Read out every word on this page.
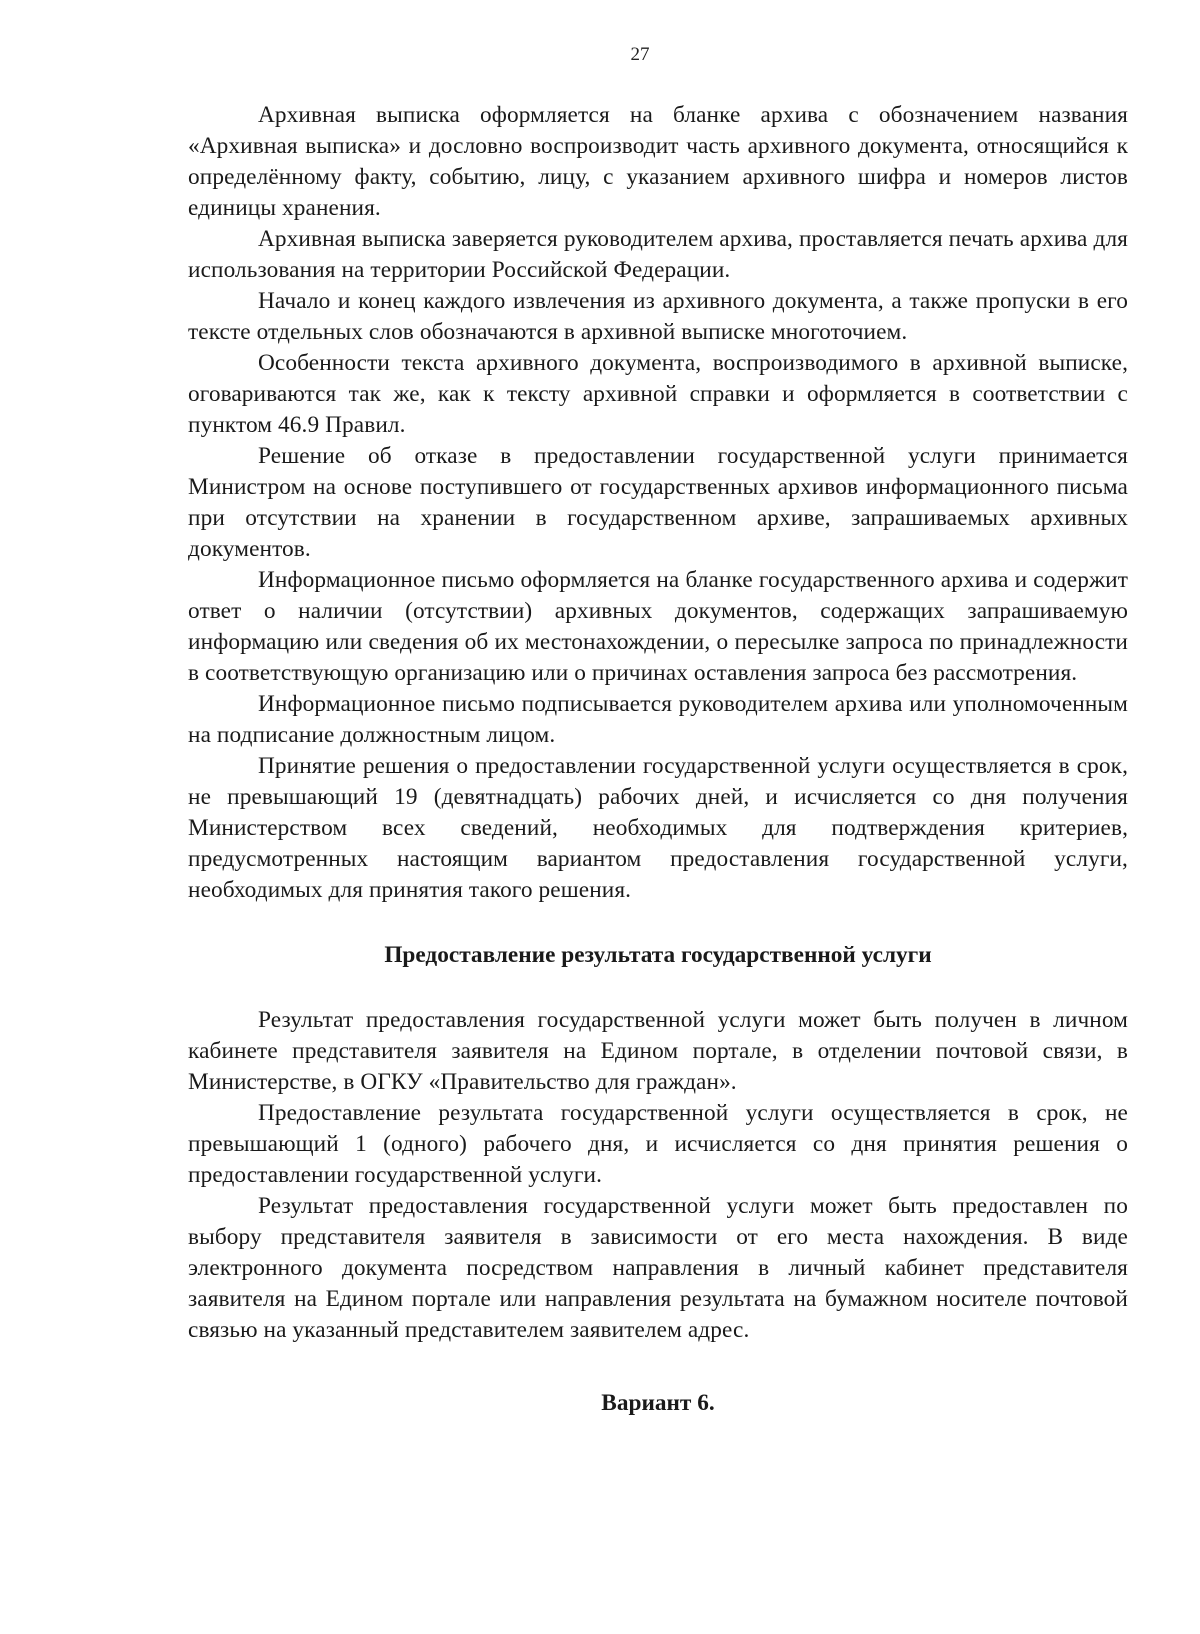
27

Архивная выписка оформляется на бланке архива с обозначением названия «Архивная выписка» и дословно воспроизводит часть архивного документа, относящийся к определённому факту, событию, лицу, с указанием архивного шифра и номеров листов единицы хранения.

Архивная выписка заверяется руководителем архива, проставляется печать архива для использования на территории Российской Федерации.

Начало и конец каждого извлечения из архивного документа, а также пропуски в его тексте отдельных слов обозначаются в архивной выписке многоточием.

Особенности текста архивного документа, воспроизводимого в архивной выписке, оговариваются так же, как к тексту архивной справки и оформляется в соответствии с пунктом 46.9 Правил.

Решение об отказе в предоставлении государственной услуги принимается Министром на основе поступившего от государственных архивов информационного письма при отсутствии на хранении в государственном архиве, запрашиваемых архивных документов.

Информационное письмо оформляется на бланке государственного архива и содержит ответ о наличии (отсутствии) архивных документов, содержащих запрашиваемую информацию или сведения об их местонахождении, о пересылке запроса по принадлежности в соответствующую организацию или о причинах оставления запроса без рассмотрения.

Информационное письмо подписывается руководителем архива или уполномоченным на подписание должностным лицом.

Принятие решения о предоставлении государственной услуги осуществляется в срок, не превышающий 19 (девятнадцать) рабочих дней, и исчисляется со дня получения Министерством всех сведений, необходимых для подтверждения критериев, предусмотренных настоящим вариантом предоставления государственной услуги, необходимых для принятия такого решения.

Предоставление результата государственной услуги

Результат предоставления государственной услуги может быть получен в личном кабинете представителя заявителя на Едином портале, в отделении почтовой связи, в Министерстве, в ОГКУ «Правительство для граждан».

Предоставление результата государственной услуги осуществляется в срок, не превышающий 1 (одного) рабочего дня, и исчисляется со дня принятия решения о предоставлении государственной услуги.

Результат предоставления государственной услуги может быть предоставлен по выбору представителя заявителя в зависимости от его места нахождения. В виде электронного документа посредством направления в личный кабинет представителя заявителя на Едином портале или направления результата на бумажном носителе почтовой связью на указанный представителем заявителем адрес.

Вариант 6.
